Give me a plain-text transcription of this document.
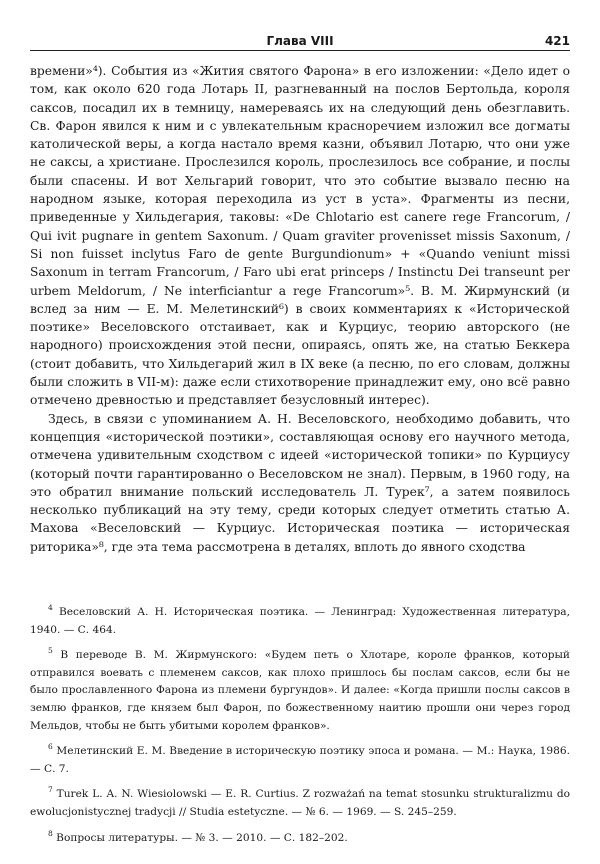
Глава VIII	421

времени»⁴). События из «Жития святого Фарона» в его изложении: «Дело идет о том, как около 620 года Лотарь II, разгневанный на послов Бертольда, короля саксов, посадил их в темницу, намереваясь их на следующий день обезглавить. Св. Фарон явился к ним и с увлекательным красноречием изложил все догматы католической веры, а когда настало время казни, объявил Лотарю, что они уже не саксы, а христиане. Прослезился король, прослезилось все собрание, и послы были спасены. И вот Хельгарий говорит, что это событие вызвало песню на народном языке, которая переходила из уст в уста». Фрагменты из песни, приведенные у Хильдегария, таковы: «De Chlotario est canere rege Francorum, / Qui ivit pugnare in gentem Saxonum. / Quam graviter provenisset missis Saxonum, / Si non fuisset inclytus Faro de gente Burgundionum» + «Quando veniunt missi Saxonum in terram Francorum, / Faro ubi erat princeps / Instinctu Dei transeunt per urbem Meldorum, / Ne interficiantur a rege Francorum»⁵. В. М. Жирмунский (и вслед за ним — Е. М. Мелетинский⁶) в своих комментариях к «Исторической поэтике» Веселовского отстаивает, как и Курциус, теорию авторского (не народного) происхождения этой песни, опираясь, опять же, на статью Беккера (стоит добавить, что Хильдегарий жил в IX веке (а песню, по его словам, должны были сложить в VII-м): даже если стихотворение принадлежит ему, оно всё равно отмечено древностью и представляет безусловный интерес).

Здесь, в связи с упоминанием А. Н. Веселовского, необходимо добавить, что концепция «исторической поэтики», составляющая основу его научного метода, отмечена удивительным сходством с идеей «исторической топики» по Курциусу (который почти гарантированно о Веселовском не знал). Первым, в 1960 году, на это обратил внимание польский исследователь Л. Турек⁷, а затем появилось несколько публикаций на эту тему, среди которых следует отметить статью А. Махова «Веселовский — Курциус. Историческая поэтика — историческая риторика»⁸, где эта тема рассмотрена в деталях, вплоть до явного сходства

$^4$ Веселовский А. Н. Историческая поэтика. — Ленинград: Художественная литература, 1940. — С. 464.

$^5$ В переводе В. М. Жирмунского: «Будем петь о Хлотаре, короле франков, который отправился воевать с племенем саксов, как плохо пришлось бы послам саксов, если бы не было прославленного Фарона из племени бургундов». И далее: «Когда пришли послы саксов в землю франков, где князем был Фарон, по божественному наитию прошли они через город Мельдов, чтобы не быть убитыми королем франков».

$^6$ Мелетинский Е. М. Введение в историческую поэтику эпоса и романа. — М.: Наука, 1986. — С. 7.

$^7$ Turek L. A. N. Wiesiolowski — E. R. Curtius. Z rozważań na temat stosunku strukturalizmu do ewolucjonistycznej tradycji // Studia estetyczne. — № 6. — 1969. — S. 245–259.

$^8$ Вопросы литературы. — № 3. — 2010. — С. 182–202.
